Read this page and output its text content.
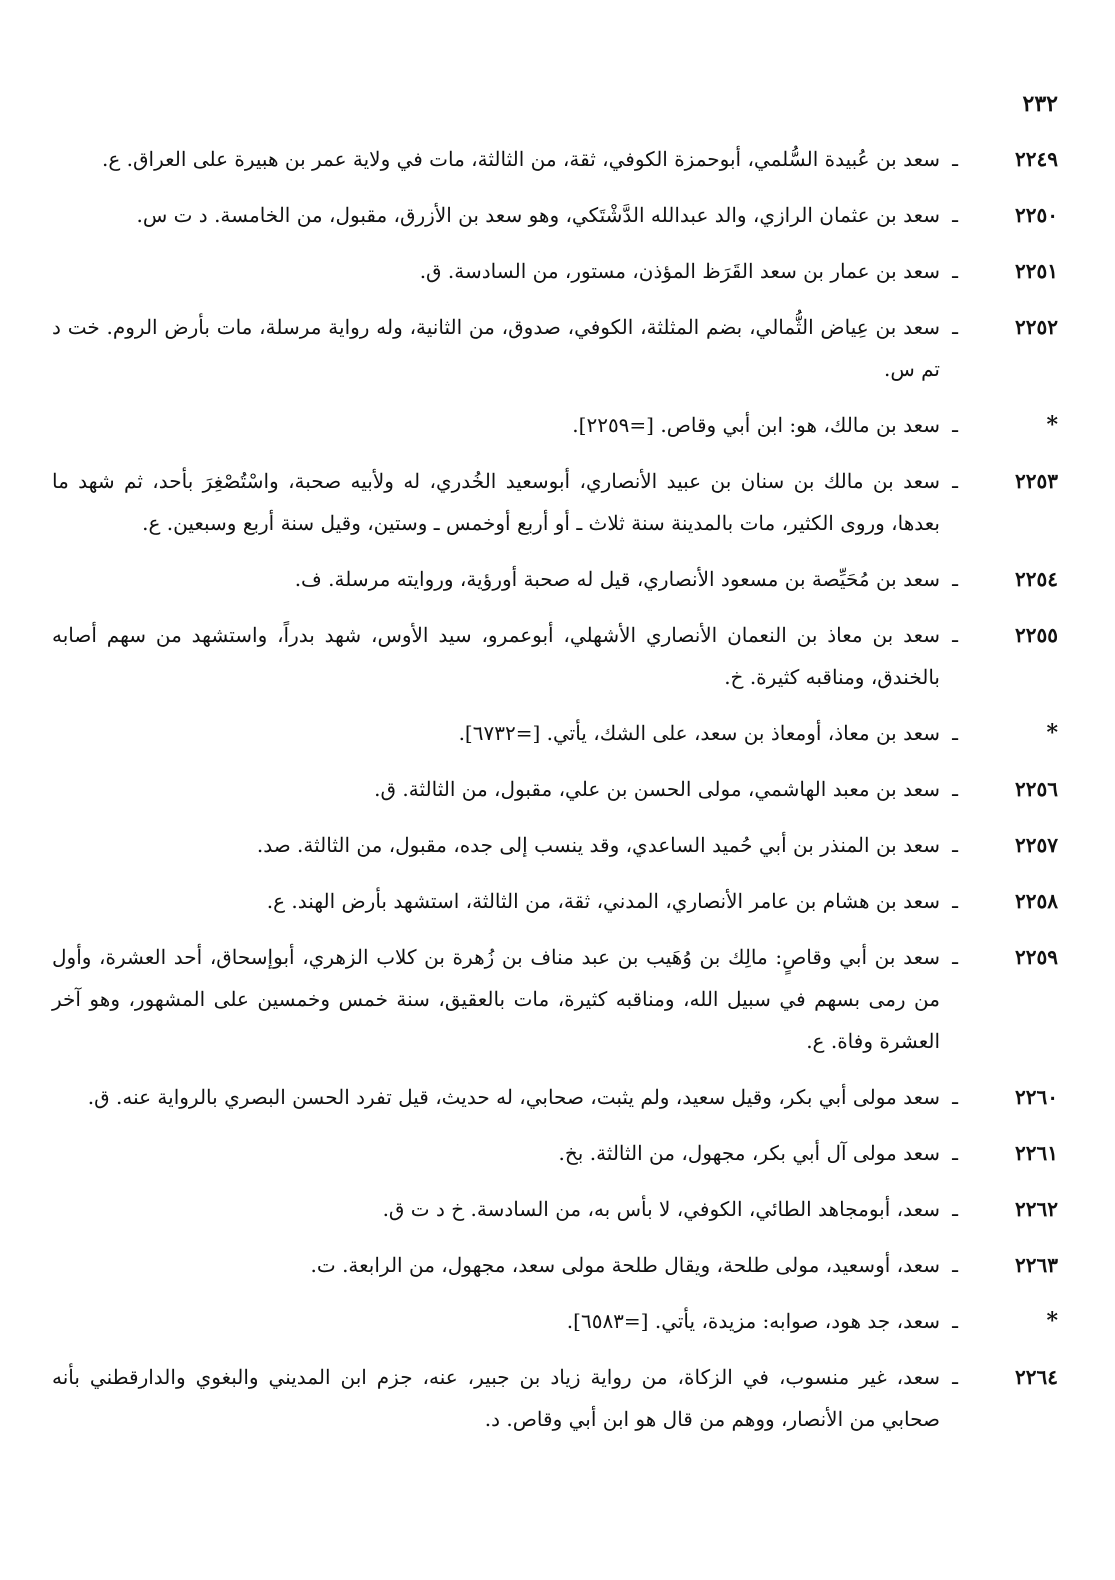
٢٣٢
٢٢٤٩
ـ
سعد بن عُبيدة السُّلمي، أبوحمزة الكوفي، ثقة، من الثالثة، مات في ولاية عمر بن هبيرة على العراق. ع.
٢٢٥٠
ـ
سعد بن عثمان الرازي، والد عبدالله الدَّشْتَكي، وهو سعد بن الأزرق، مقبول، من الخامسة. د ت س.
٢٢٥١
ـ
سعد بن عمار بن سعد القَرَظ المؤذن، مستور، من السادسة. ق.
٢٢٥٢
ـ
سعد بن عِياض الثُّمالي، بضم المثلثة، الكوفي، صدوق، من الثانية، وله رواية مرسلة، مات بأرض الروم. خت د تم س.
*
ـ
سعد بن مالك، هو: ابن أبي وقاص. [=٢٢٥٩].
٢٢٥٣
ـ
سعد بن مالك بن سنان بن عبيد الأنصاري، أبوسعيد الخُدري، له ولأبيه صحبة، واسْتُصْغِرَ بأحد، ثم شهد ما بعدها، وروى الكثير، مات بالمدينة سنة ثلاث ـ أو أربع أوخمس ـ وستين، وقيل سنة أربع وسبعين. ع.
٢٢٥٤
ـ
سعد بن مُحَيِّصة بن مسعود الأنصاري، قيل له صحبة أورؤية، وروايته مرسلة. ف.
٢٢٥٥
ـ
سعد بن معاذ بن النعمان الأنصاري الأشهلي، أبوعمرو، سيد الأوس، شهد بدراً، واستشهد من سهم أصابه بالخندق، ومناقبه كثيرة. خ.
*
ـ
سعد بن معاذ، أومعاذ بن سعد، على الشك، يأتي. [=٦٧٣٢].
٢٢٥٦
ـ
سعد بن معبد الهاشمي، مولى الحسن بن علي، مقبول، من الثالثة. ق.
٢٢٥٧
ـ
سعد بن المنذر بن أبي حُميد الساعدي، وقد ينسب إلى جده، مقبول، من الثالثة. صد.
٢٢٥٨
ـ
سعد بن هشام بن عامر الأنصاري، المدني، ثقة، من الثالثة، استشهد بأرض الهند. ع.
٢٢٥٩
ـ
سعد بن أبي وقاصٍ: مالِك بن وُهَيب بن عبد مناف بن زُهرة بن كلاب الزهري، أبوإسحاق، أحد العشرة، وأول من رمى بسهم في سبيل الله، ومناقبه كثيرة، مات بالعقيق، سنة خمس وخمسين على المشهور، وهو آخر العشرة وفاة. ع.
٢٢٦٠
ـ
سعد مولى أبي بكر، وقيل سعيد، ولم يثبت، صحابي، له حديث، قيل تفرد الحسن البصري بالرواية عنه. ق.
٢٢٦١
ـ
سعد مولى آل أبي بكر، مجهول، من الثالثة. بخ.
٢٢٦٢
ـ
سعد، أبومجاهد الطائي، الكوفي، لا بأس به، من السادسة. خ د ت ق.
٢٢٦٣
ـ
سعد، أوسعيد، مولى طلحة، ويقال طلحة مولى سعد، مجهول، من الرابعة. ت.
*
ـ
سعد، جد هود، صوابه: مزيدة، يأتي. [=٦٥٨٣].
٢٢٦٤
ـ
سعد، غير منسوب، في الزكاة، من رواية زياد بن جبير، عنه، جزم ابن المديني والبغوي والدارقطني بأنه صحابي من الأنصار، ووهم من قال هو ابن أبي وقاص. د.
